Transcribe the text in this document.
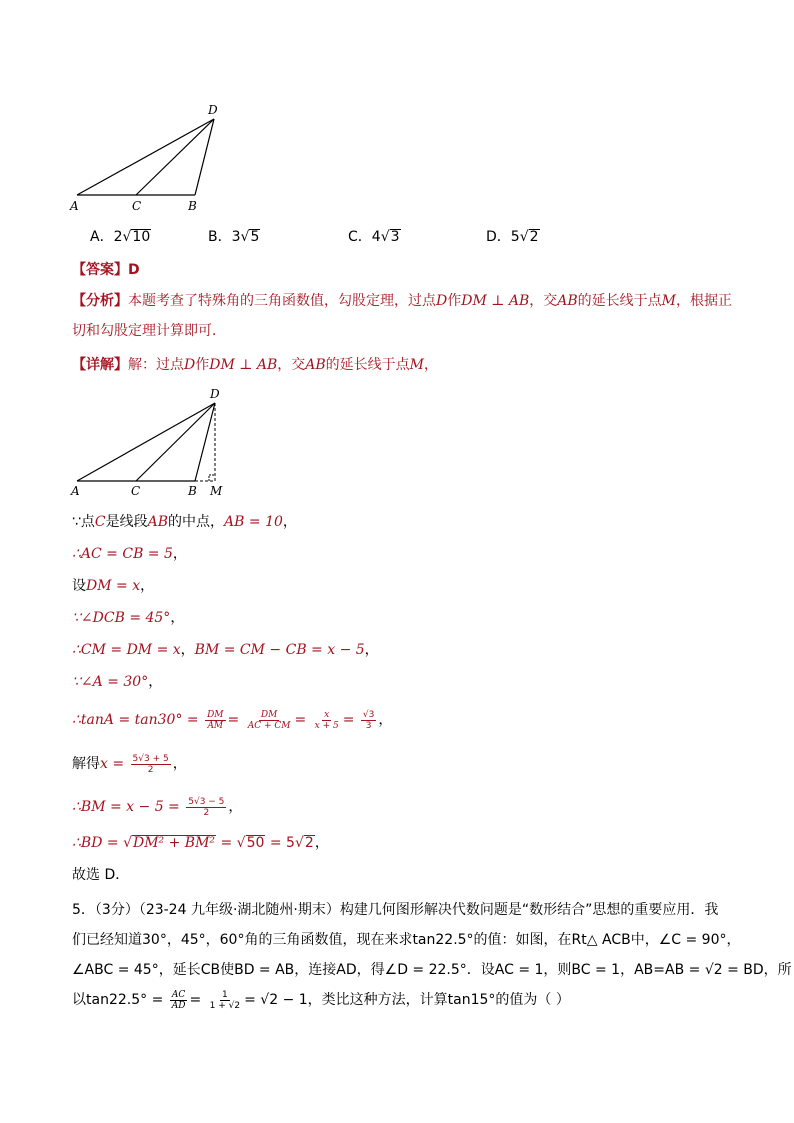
A	C	B
D
A．2√10	B．3√5	C．4√3	D．5√2
【答案】D
【分析】本题考查了特殊角的三角函数值，勾股定理，过点D作DM ⊥ AB，交AB的延长线于点M，根据正
切和勾股定理计算即可．
【详解】解：过点D作DM ⊥ AB，交AB的延长线于点M，
A	C	B M
D
∵点C是线段AB的中点，AB = 10，
∴AC = CB = 5，
设DM = x，
∵∠DCB = 45°，
∴CM = DM = x，BM = CM − CB = x − 5，
∵∠A = 30°，
∴tanA = $\tan 30^\circ = \frac{DM}{AM} = \frac{DM}{AC + CM} = \frac{x}{x + 5} = \frac{√3}{3}$ ，
解得$x = \frac{5√3 + 5}{2}$ ，
∴BM = $x - 5 = \frac{5√3 - 5}{2}$ ，
∴BD = √DM² + BM² = √50 = 5√2，
故选 D．
5．（3分）（23-24 九年级·湖北随州·期末）构建几何图形解决代数问题是“数形结合”思想的重要应用．我
们已经知道30°，45°，60°角的三角函数值，现在来求tan22.5°的值：如图，在Rt△ ACB中，∠C = 90°，
∠ABC = 45°，延长CB使BD = AB，连接AD，得∠D = 22.5°．设AC = 1，则BC = 1，AB=AB = √2 = BD，所
以$\tan 22.5^\circ = \frac{AC}{AD} = \frac{1}{1 + √2} = √2 - 1$，类比这种方法，计算tan15°的值为（ ）
